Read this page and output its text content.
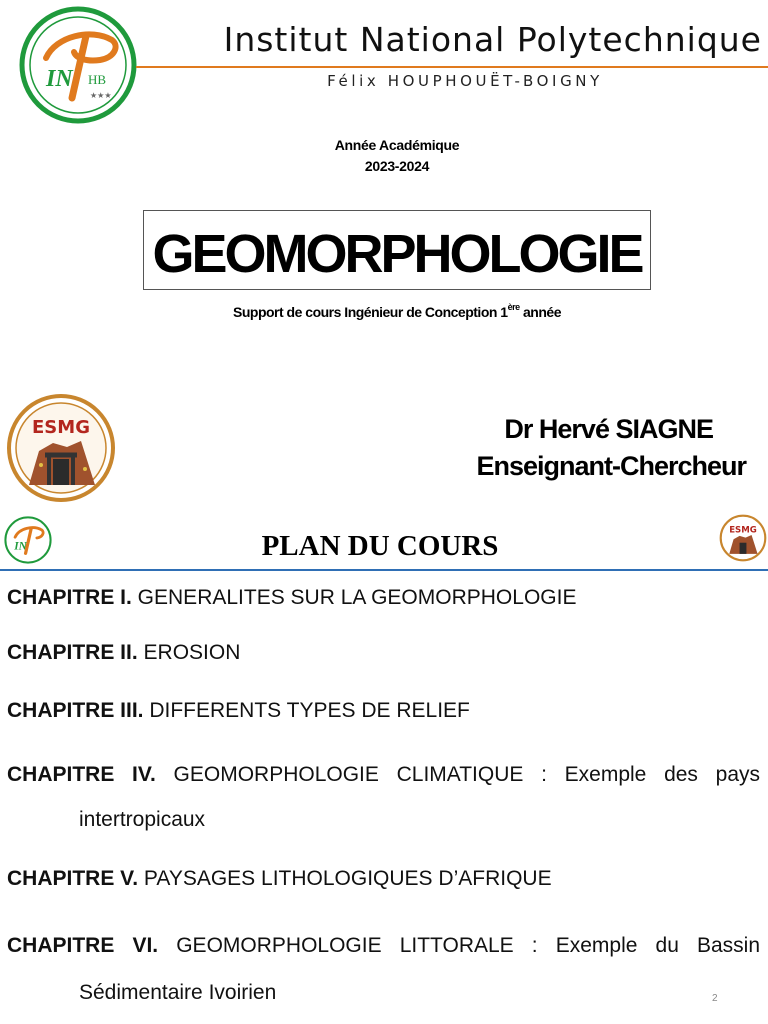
IN HB
★★★
Institut National Polytechnique
Félix HOUPHOUËT-BOIGNY
Année Académique
2023-2024
GEOMORPHOLOGIE
Support de cours Ingénieur de Conception 1ère année
ESMG	Dr Hervé SIAGNE
Enseignant-Chercheur
IN
ESMG
PLAN DU COURS
CHAPITRE I. GENERALITES SUR LA GEOMORPHOLOGIE
CHAPITRE II. EROSION
CHAPITRE III. DIFFERENTS TYPES DE RELIEF
CHAPITRE IV. GEOMORPHOLOGIE CLIMATIQUE : Exemple des pays
intertropicaux
CHAPITRE V. PAYSAGES LITHOLOGIQUES D’AFRIQUE
CHAPITRE VI. GEOMORPHOLOGIE LITTORALE : Exemple du Bassin
Sédimentaire Ivoirien	2
